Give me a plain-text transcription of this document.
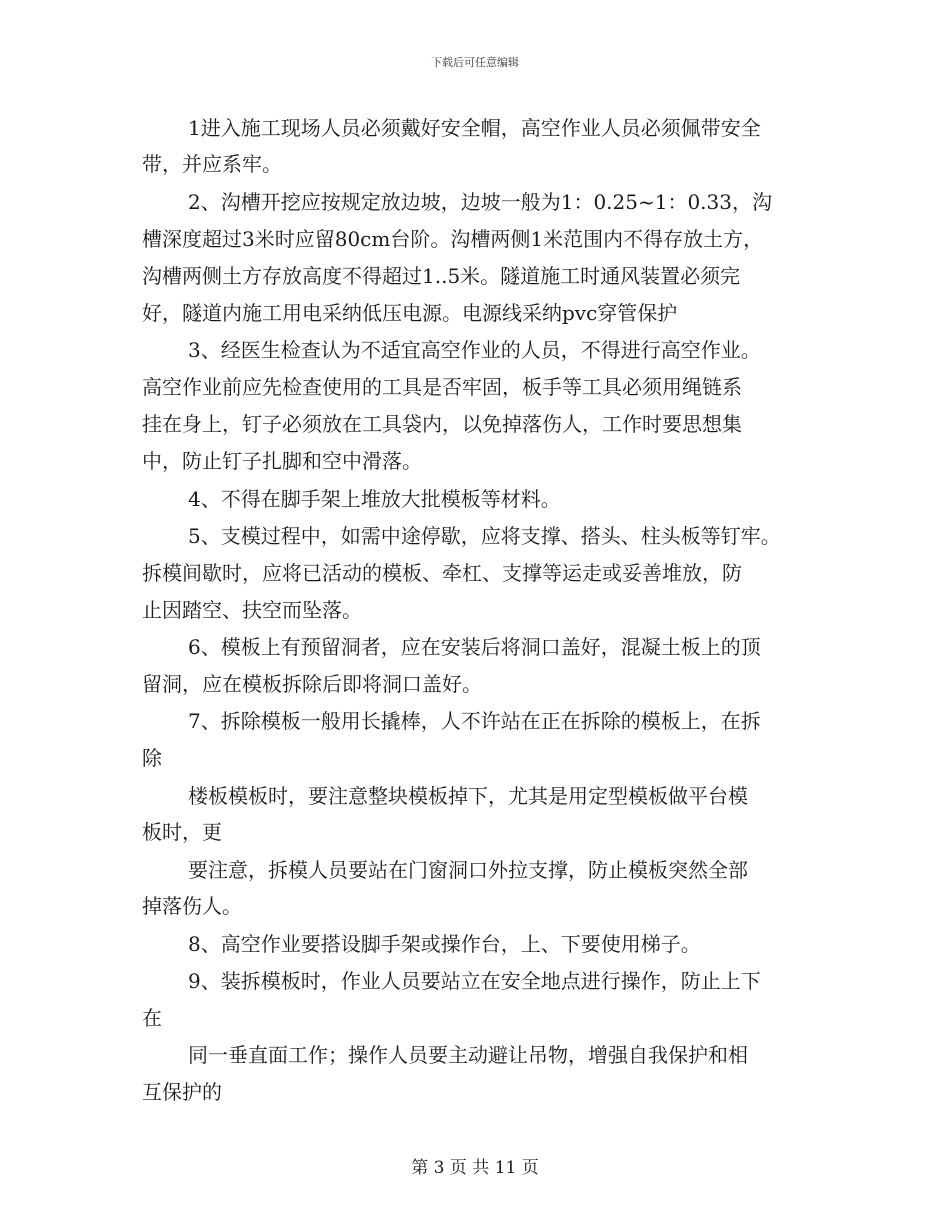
下载后可任意编辑
1进入施工现场人员必须戴好安全帽，高空作业人员必须佩带安全
带，并应系牢。
2、沟槽开挖应按规定放边坡，边坡一般为1：0.25~1：0.33，沟
槽深度超过3米时应留80cm台阶。沟槽两侧1米范围内不得存放土方，
沟槽两侧土方存放高度不得超过1..5米。隧道施工时通风装置必须完
好，隧道内施工用电采纳低压电源。电源线采纳pvc穿管保护
3、经医生检查认为不适宜高空作业的人员，不得进行高空作业。
高空作业前应先检查使用的工具是否牢固，板手等工具必须用绳链系
挂在身上，钉子必须放在工具袋内，以免掉落伤人，工作时要思想集
中，防止钉子扎脚和空中滑落。
4、不得在脚手架上堆放大批模板等材料。
5、支模过程中，如需中途停歇，应将支撑、搭头、柱头板等钉牢。
拆模间歇时，应将已活动的模板、牵杠、支撑等运走或妥善堆放，防
止因踏空、扶空而坠落。
6、模板上有预留洞者，应在安装后将洞口盖好，混凝土板上的顶
留洞，应在模板拆除后即将洞口盖好。
7、拆除模板一般用长撬棒，人不许站在正在拆除的模板上，在拆
除
楼板模板时，要注意整块模板掉下，尤其是用定型模板做平台模
板时，更
要注意，拆模人员要站在门窗洞口外拉支撑，防止模板突然全部
掉落伤人。
8、高空作业要搭设脚手架或操作台，上、下要使用梯子。
9、装拆模板时，作业人员要站立在安全地点进行操作，防止上下
在
同一垂直面工作；操作人员要主动避让吊物，增强自我保护和相
互保护的
第 3 页 共 11 页
